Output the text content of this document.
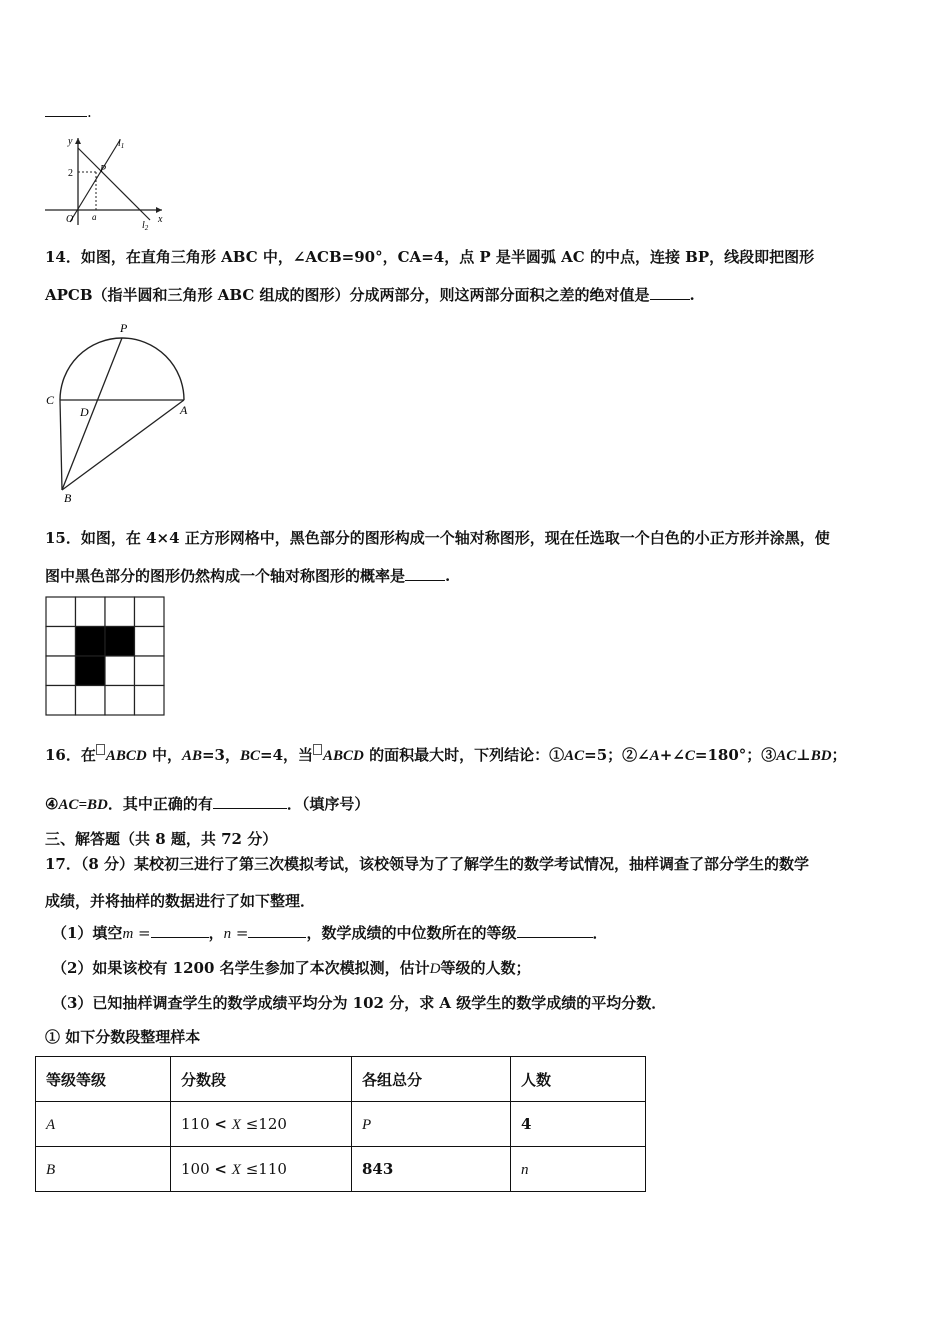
.
y
x
$l_1$
$l_2$
2	P
O a
14．如图，在直角三角形 ABC 中，∠ACB=90°，CA=4，点 P 是半圆弧 AC 的中点，连接 BP，线段即把图形
APCB（指半圆和三角形 ABC 组成的图形）分成两部分，则这两部分面积之差的绝对值是	.
P
C
D	A
B
15．如图，在 4×4 正方形网格中，黑色部分的图形构成一个轴对称图形，现在任选取一个白色的小正方形并涂黑，使
图中黑色部分的图形仍然构成一个轴对称图形的概率是	.
16．在 ABCD 中，AB=3，BC=4，当 ABCD 的面积最大时，下列结论：①AC=5；②∠A+∠C=180°；③AC⊥BD；
④AC=BD．其中正确的有	．（填序号）
三、解答题（共 8 题，共 72 分）
17．（8 分）某校初三进行了第三次模拟考试，该校领导为了了解学生的数学考试情况，抽样调查了部分学生的数学
成绩，并将抽样的数据进行了如下整理．
（1）填空m =	，n =	，数学成绩的中位数所在的等级	．
（2）如果该校有 1200 名学生参加了本次模拟测，估计D等级的人数；
（3）已知抽样调查学生的数学成绩平均分为 102 分，求 A 级学生的数学成绩的平均分数．
① 如下分数段整理样本
等级等级	分数段	各组总分	人数
A	110 < X ≤120	P	4
B	100 < X ≤110	843	n
